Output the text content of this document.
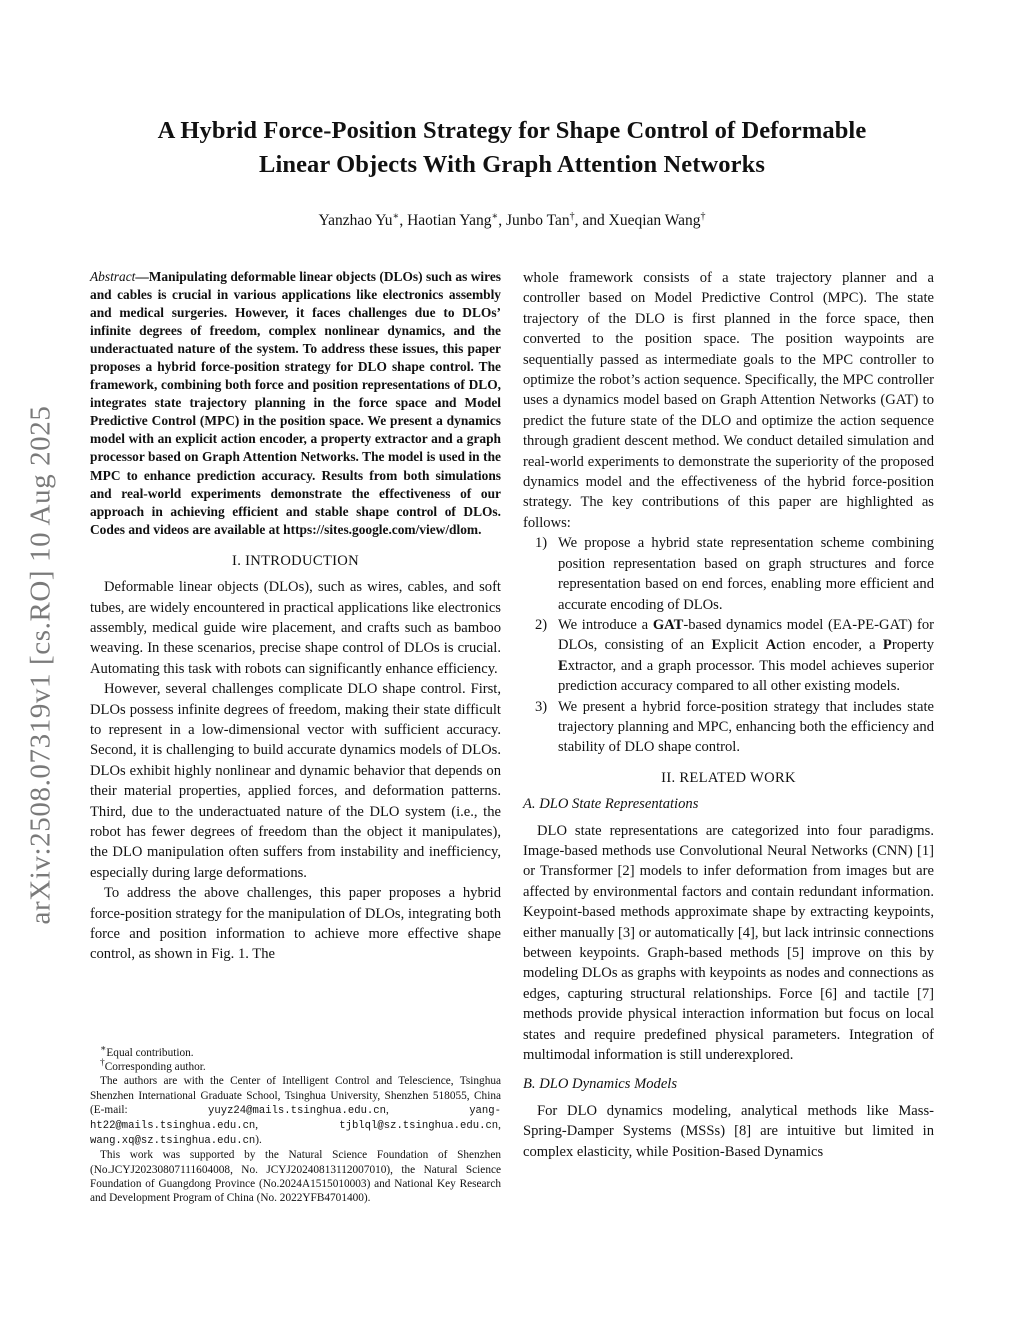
A Hybrid Force-Position Strategy for Shape Control of Deformable
Linear Objects With Graph Attention Networks
Yanzhao Yu∗, Haotian Yang∗, Junbo Tan†, and Xueqian Wang†
arXiv:2508.07319v1 [cs.RO] 10 Aug 2025

Abstract—Manipulating deformable linear objects (DLOs) such as wires and cables is crucial in various applications like electronics assembly and medical surgeries. However, it faces challenges due to DLOs’ infinite degrees of freedom, complex nonlinear dynamics, and the underactuated nature of the system. To address these issues, this paper proposes a hybrid force-position strategy for DLO shape control. The framework, combining both force and position representations of DLO, integrates state trajectory planning in the force space and Model Predictive Control (MPC) in the position space. We present a dynamics model with an explicit action encoder, a property extractor and a graph processor based on Graph Attention Networks. The model is used in the MPC to enhance prediction accuracy. Results from both simulations and real-world experiments demonstrate the effectiveness of our approach in achieving efficient and stable shape control of DLOs. Codes and videos are available at https://sites.google.com/view/dlom.

I. INTRODUCTION

Deformable linear objects (DLOs), such as wires, cables, and soft tubes, are widely encountered in practical applications like electronics assembly, medical guide wire placement, and crafts such as bamboo weaving. In these scenarios, precise shape control of DLOs is crucial. Automating this task with robots can significantly enhance efficiency.

However, several challenges complicate DLO shape control. First, DLOs possess infinite degrees of freedom, making their state difficult to represent in a low-dimensional vector with sufficient accuracy. Second, it is challenging to build accurate dynamics models of DLOs. DLOs exhibit highly nonlinear and dynamic behavior that depends on their material properties, applied forces, and deformation patterns. Third, due to the underactuated nature of the DLO system (i.e., the robot has fewer degrees of freedom than the object it manipulates), the DLO manipulation often suffers from instability and inefficiency, especially during large deformations.

To address the above challenges, this paper proposes a hybrid force-position strategy for the manipulation of DLOs, integrating both force and position information to achieve more effective shape control, as shown in Fig. 1. The

∗Equal contribution.

†Corresponding author.

The authors are with the Center of Intelligent Control and Telescience, Tsinghua Shenzhen International Graduate School, Tsinghua University, Shenzhen 518055, China (E-mail: yuyz24@mails.tsinghua.edu.cn, yang-ht22@mails.tsinghua.edu.cn, tjblql@sz.tsinghua.edu.cn, wang.xq@sz.tsinghua.edu.cn).

This work was supported by the Natural Science Foundation of Shenzhen (No.JCYJ20230807111604008, No. JCYJ20240813112007010), the Natural Science Foundation of Guangdong Province (No.2024A1515010003) and National Key Research and Development Program of China (No. 2022YFB4701400).

whole framework consists of a state trajectory planner and a controller based on Model Predictive Control (MPC). The state trajectory of the DLO is first planned in the force space, then converted to the position space. The position waypoints are sequentially passed as intermediate goals to the MPC controller to optimize the robot’s action sequence. Specifically, the MPC controller uses a dynamics model based on Graph Attention Networks (GAT) to predict the future state of the DLO and optimize the action sequence through gradient descent method. We conduct detailed simulation and real-world experiments to demonstrate the superiority of the proposed dynamics model and the effectiveness of the hybrid force-position strategy. The key contributions of this paper are highlighted as follows:

1) We propose a hybrid state representation scheme combining position representation based on graph structures and force representation based on end forces, enabling more efficient and accurate encoding of DLOs.
2) We introduce a GAT-based dynamics model (EA-PE-GAT) for DLOs, consisting of an Explicit Action encoder, a Property Extractor, and a graph processor. This model achieves superior prediction accuracy compared to all other existing models.
3) We present a hybrid force-position strategy that includes state trajectory planning and MPC, enhancing both the efficiency and stability of DLO shape control.
II. RELATED WORK
A. DLO State Representations

DLO state representations are categorized into four paradigms. Image-based methods use Convolutional Neural Networks (CNN) [1] or Transformer [2] models to infer deformation from images but are affected by environmental factors and contain redundant information. Keypoint-based methods approximate shape by extracting keypoints, either manually [3] or automatically [4], but lack intrinsic connections between keypoints. Graph-based methods [5] improve on this by modeling DLOs as graphs with keypoints as nodes and connections as edges, capturing structural relationships. Force [6] and tactile [7] methods provide physical interaction information but focus on local states and require predefined physical parameters. Integration of multimodal information is still underexplored.

B. DLO Dynamics Models

For DLO dynamics modeling, analytical methods like Mass-Spring-Damper Systems (MSSs) [8] are intuitive but limited in complex elasticity, while Position-Based Dynamics
